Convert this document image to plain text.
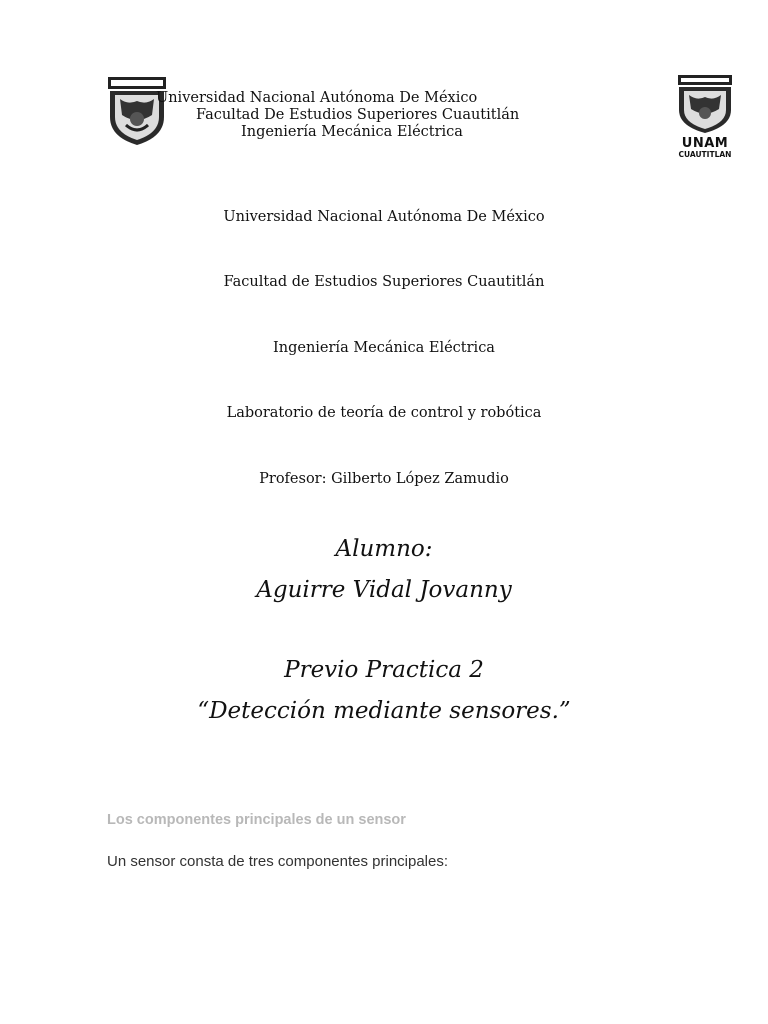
UNAM
CUAUTITLAN
Universidad Nacional Autónoma De México
Facultad De Estudios Superiores Cuautitlán
Ingeniería Mecánica Eléctrica
Universidad Nacional Autónoma De México
Facultad de Estudios Superiores Cuautitlán
Ingeniería Mecánica Eléctrica
Laboratorio de teoría de control y robótica
Profesor: Gilberto López Zamudio
Alumno:
Aguirre Vidal Jovanny
Previo Practica 2
“Detección mediante sensores.”
Los componentes principales de un sensor
Un sensor consta de tres componentes principales:
